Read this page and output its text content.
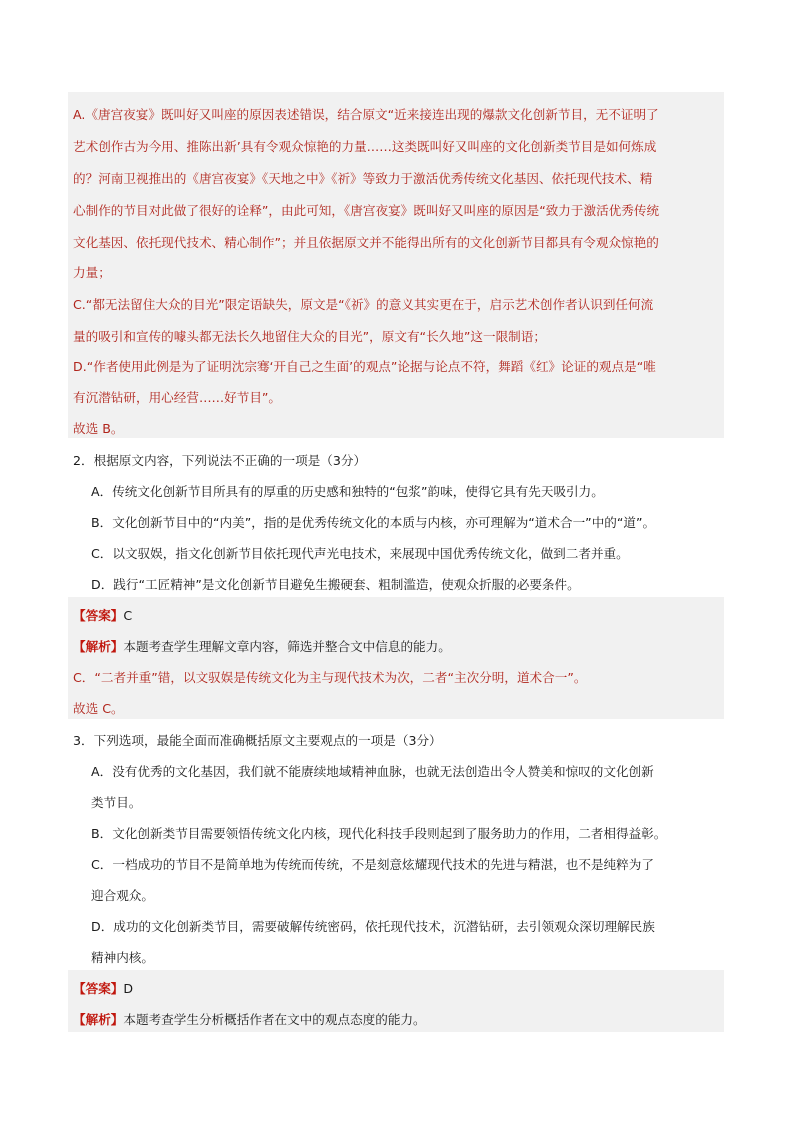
A.《唐宫夜宴》既叫好又叫座的原因表述错误，结合原文“近来接连出现的爆款文化创新节目，无不证明了
艺术创作古为今用、推陈出新’具有令观众惊艳的力量……这类既叫好又叫座的文化创新类节目是如何炼成
的？河南卫视推出的《唐宫夜宴》《天地之中》《祈》等致力于激活优秀传统文化基因、依托现代技术、精
心制作的节目对此做了很好的诠释”，由此可知，《唐宫夜宴》既叫好又叫座的原因是“致力于激活优秀传统
文化基因、依托现代技术、精心制作”；并且依据原文并不能得出所有的文化创新节目都具有令观众惊艳的
力量；
C.“都无法留住大众的目光”限定语缺失，原文是“《祈》的意义其实更在于，启示艺术创作者认识到任何流
量的吸引和宣传的噱头都无法长久地留住大众的目光”，原文有“长久地”这一限制语；
D.“作者使用此例是为了证明沈宗骞‘开自己之生面’的观点”论据与论点不符，舞蹈《红》论证的观点是“唯
有沉潜钻研，用心经营……好节目”。
故选 B。
2．根据原文内容，下列说法不正确的一项是（3分）
A．传统文化创新节目所具有的厚重的历史感和独特的“包浆”韵味，使得它具有先天吸引力。
B．文化创新节目中的“内美”，指的是优秀传统文化的本质与内核，亦可理解为“道术合一”中的“道”。
C．以文驭娱，指文化创新节目依托现代声光电技术，来展现中国优秀传统文化，做到二者并重。
D．践行“工匠精神”是文化创新节目避免生搬硬套、粗制滥造，使观众折服的必要条件。
【答案】C
【解析】本题考查学生理解文章内容，筛选并整合文中信息的能力。
C．“二者并重”错，以文驭娱是传统文化为主与现代技术为次，二者“主次分明，道术合一”。
故选 C。
3．下列选项，最能全面而准确概括原文主要观点的一项是（3分）
A．没有优秀的文化基因，我们就不能赓续地域精神血脉，也就无法创造出令人赞美和惊叹的文化创新
类节目。
B．文化创新类节目需要领悟传统文化内核，现代化科技手段则起到了服务助力的作用，二者相得益彰。
C．一档成功的节目不是简单地为传统而传统，不是刻意炫耀现代技术的先进与精湛，也不是纯粹为了
迎合观众。
D．成功的文化创新类节目，需要破解传统密码，依托现代技术，沉潜钻研，去引领观众深切理解民族
精神内核。
【答案】D
【解析】本题考查学生分析概括作者在文中的观点态度的能力。
